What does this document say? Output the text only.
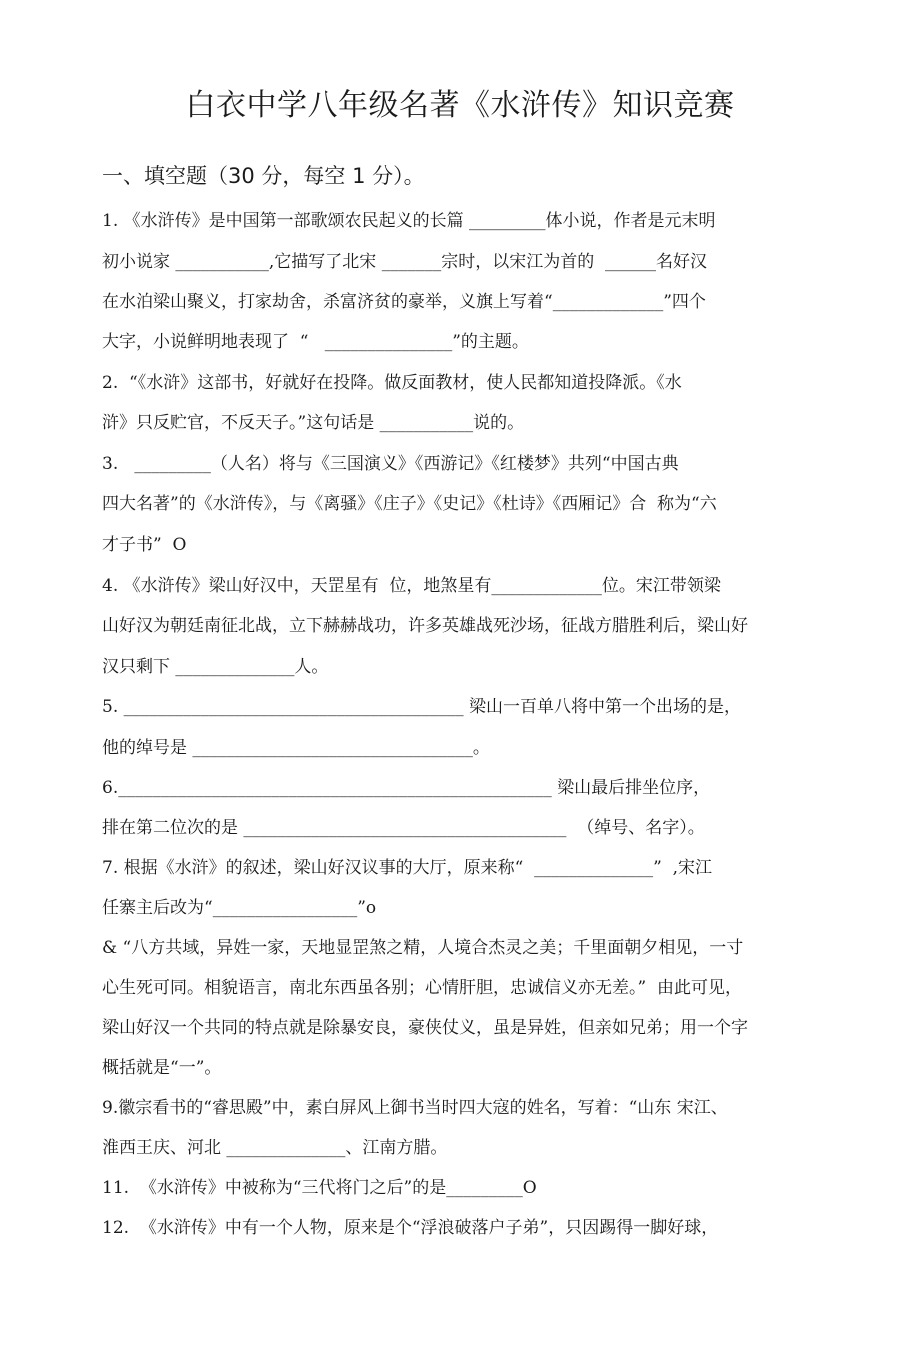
白衣中学八年级名著《水浒传》知识竞赛
一、填空题（30 分，每空 1 分）。
1. 《水浒传》是中国第一部歌颂农民起义的长篇 _________体小说，作者是元末明
初小说家 ___________,它描写了北宋 _______宗时，以宋江为首的  ______名好汉
在水泊梁山聚义，打家劫舍，杀富济贫的豪举，义旗上写着“_____________”四个
大字，小说鲜明地表现了  “   _______________”的主题。
2.  “《水浒》这部书，好就好在投降。做反面教材，使人民都知道投降派。《水
浒》只反贮官，不反天子。”这句话是 ___________说的。
3.   _________（人名）将与《三国演义》《西游记》《红楼梦》共列“中国古典
四大名著”的《水浒传》，与《离骚》《庄子》《史记》《杜诗》《西厢记》合  称为“六
才子书”  O
4. 《水浒传》梁山好汉中，天罡星有  位，地煞星有_____________位。宋江带领梁
山好汉为朝廷南征北战，立下赫赫战功，许多英雄战死沙场，征战方腊胜利后，梁山好
汉只剩下 ______________人。
5. ________________________________________ 梁山一百单八将中第一个出场的是，
他的绰号是 _________________________________。
6.___________________________________________________ 梁山最后排坐位序，
排在第二位次的是 ______________________________________  （绰号、名字）。
7. 根据《水浒》的叙述，梁山好汉议事的大厅，原来称“  ______________”  ,宋江
任寨主后改为“_________________”o
& “八方共域，异姓一家，天地显罡煞之精，人境合杰灵之美；千里面朝夕相见，一寸
心生死可同。相貌语言，南北东西虽各别；心情肝胆，忠诚信义亦无差。”  由此可见，
梁山好汉一个共同的特点就是除暴安良，豪侠仗义，虽是异姓，但亲如兄弟；用一个字
概括就是“一”。
9.徽宗看书的“睿思殿”中，素白屏风上御书当时四大寇的姓名，写着：“山东 宋江、
淮西王庆、河北 ______________、江南方腊。
11.  《水浒传》中被称为“三代将门之后”的是_________O
12.  《水浒传》中有一个人物，原来是个“浮浪破落户子弟”，只因踢得一脚好球，
